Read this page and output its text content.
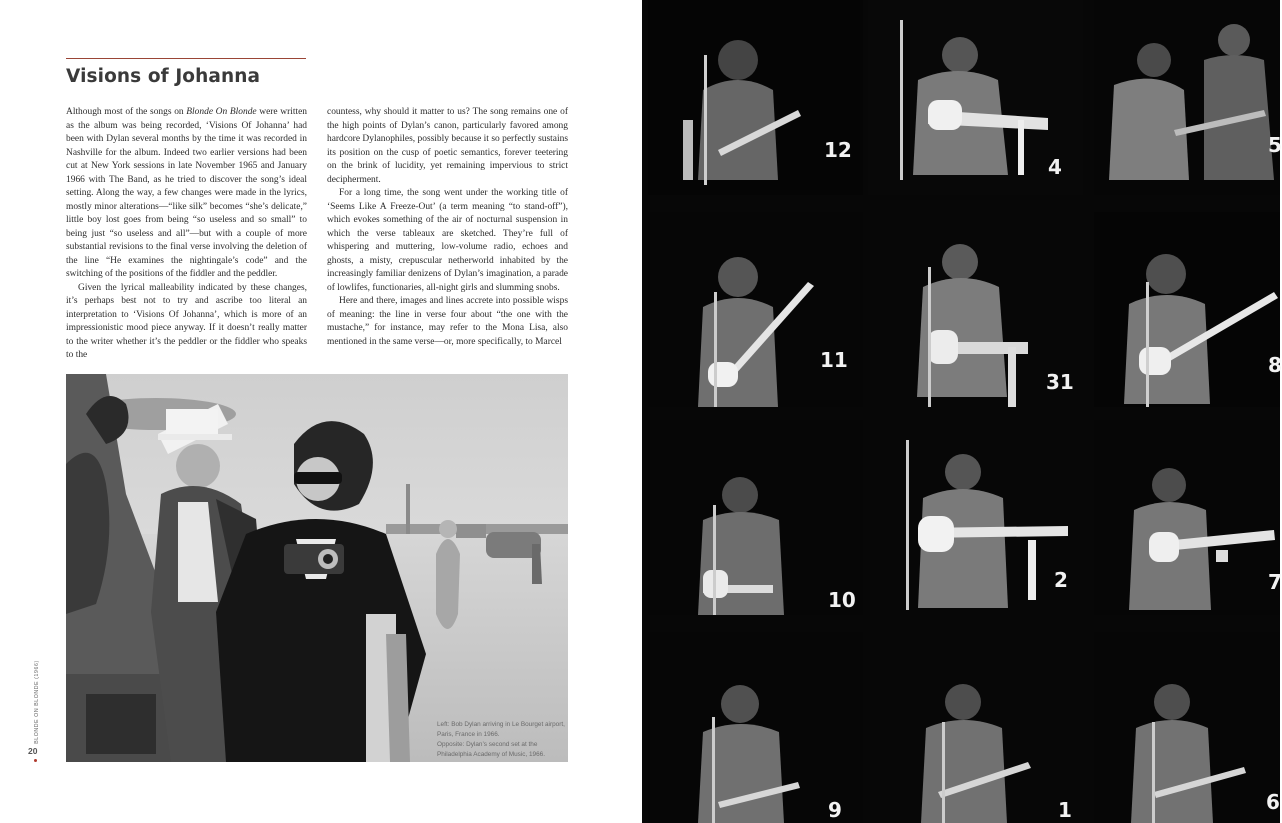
Visions of Johanna

Although most of the songs on Blonde On Blonde were written as the album was being recorded, ‘Visions Of Johanna’ had been with Dylan several months by the time it was recorded in Nashville for the album. Indeed two earlier versions had been cut at New York sessions in late November 1965 and January 1966 with The Band, as he tried to discover the song’s ideal setting. Along the way, a few changes were made in the lyrics, mostly minor alterations—“like silk” becomes “she’s delicate,” little boy lost goes from being “so useless and so small” to being just “so useless and all”—but with a couple of more substantial revisions to the final verse involving the deletion of the line “He examines the nightingale’s code” and the switching of the positions of the fiddler and the peddler.

Given the lyrical malleability indicated by these changes, it’s perhaps best not to try and ascribe too literal an interpretation to ‘Visions Of Johanna’, which is more of an impressionistic mood piece anyway. If it doesn’t really matter to the writer whether it’s the peddler or the fiddler who speaks to the

countess, why should it matter to us? The song remains one of the high points of Dylan’s canon, particularly favored among hardcore Dylanophiles, possibly because it so perfectly sustains its position on the cusp of poetic semantics, forever teetering on the brink of lucidity, yet remaining impervious to strict decipherment.

For a long time, the song went under the working title of ‘Seems Like A Freeze-Out’ (a term meaning “to stand-off”), which evokes something of the air of nocturnal suspension in which the verse tableaux are sketched. They’re full of whispering and muttering, low-volume radio, echoes and ghosts, a misty, crepuscular netherworld inhabited by the increasingly familiar denizens of Dylan’s imagination, a parade of lowlifes, functionaries, all-night girls and slumming snobs.

Here and there, images and lines accrete into possible wisps of meaning: the line in verse four about “the one with the mustache,” for instance, may refer to the Mona Lisa, also mentioned in the same verse—or, more specifically, to Marcel

Left: Bob Dylan arriving in Le Bourget airport, Paris, France in 1966.

Opposite: Dylan’s second set at the Philadelphia Academy of Music, 1966.

BLONDE ON BLONDE (1966)
20
12
4
5
11
31
8
10
2	7
9	1	6
